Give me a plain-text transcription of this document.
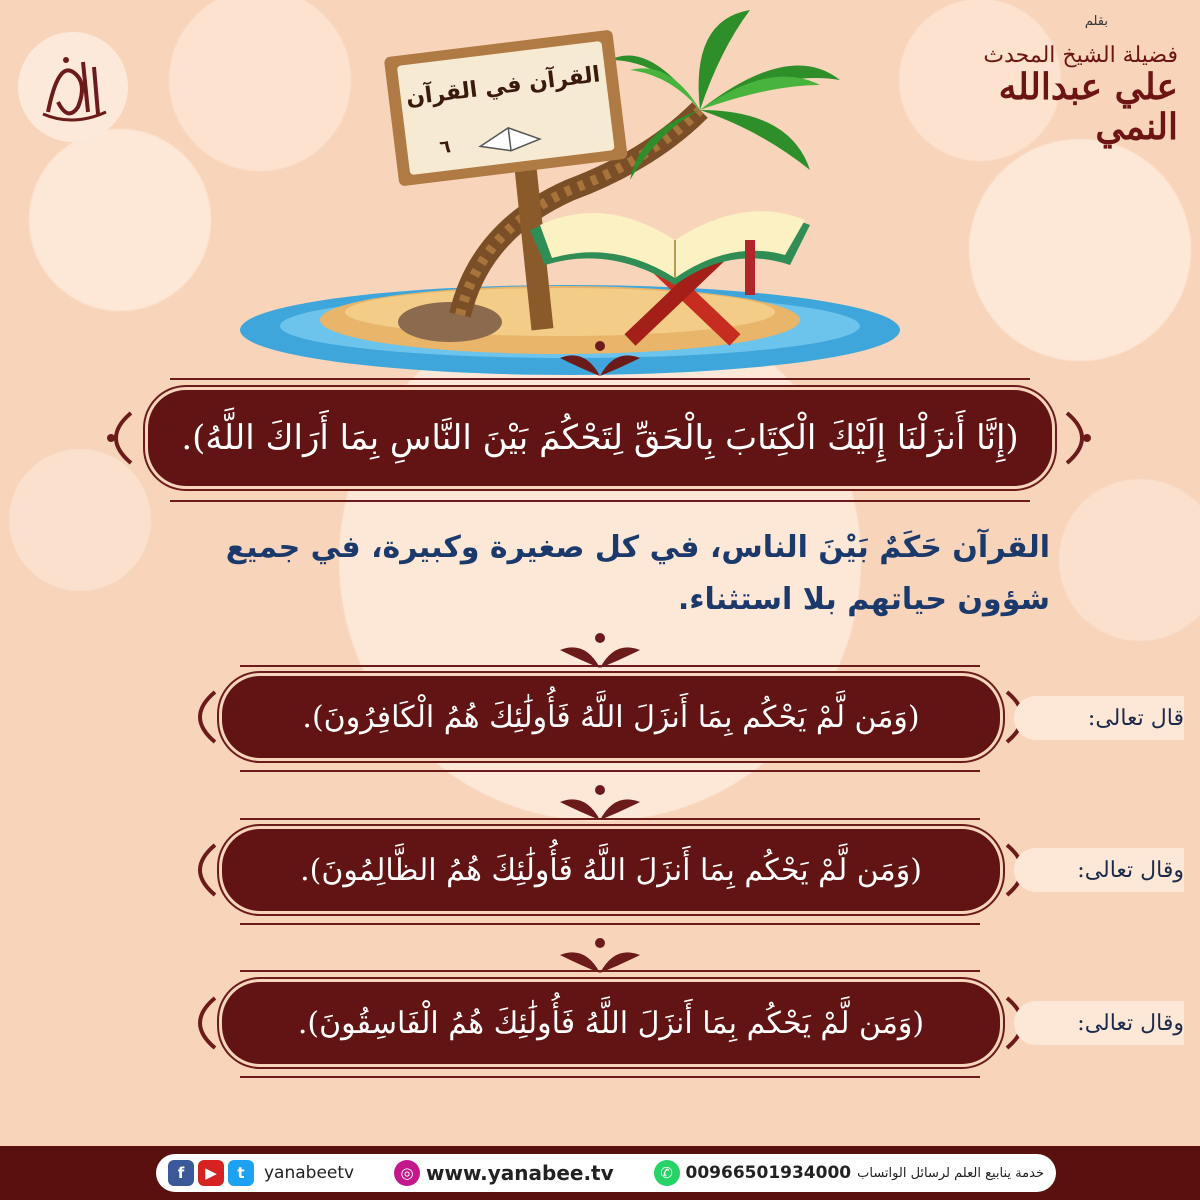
بقلم
فضيلة الشيخ المحدث
علي عبدالله النمي
القرآن في القرآن
٦
(إِنَّا أَنزَلْنَا إِلَيْكَ الْكِتَابَ بِالْحَقِّ لِتَحْكُمَ بَيْنَ النَّاسِ بِمَا أَرَاكَ اللَّهُ).
القرآن حَكَمٌ بَيْنَ الناس، في كل صغيرة وكبيرة، في جميع
شؤون حياتهم بلا استثناء.
(وَمَن لَّمْ يَحْكُم بِمَا أَنزَلَ اللَّهُ فَأُولَٰئِكَ هُمُ الْكَافِرُونَ).	قال تعالى:
(وَمَن لَّمْ يَحْكُم بِمَا أَنزَلَ اللَّهُ فَأُولَٰئِكَ هُمُ الظَّالِمُونَ).	وقال تعالى:
(وَمَن لَّمْ يَحْكُم بِمَا أَنزَلَ اللَّهُ فَأُولَٰئِكَ هُمُ الْفَاسِقُونَ).	وقال تعالى:
f	▶	t	yanabeetv	◎ www.yanabee.tv	خدمة ينابيع العلم لرسائل الواتساب
00966501934000
✆
